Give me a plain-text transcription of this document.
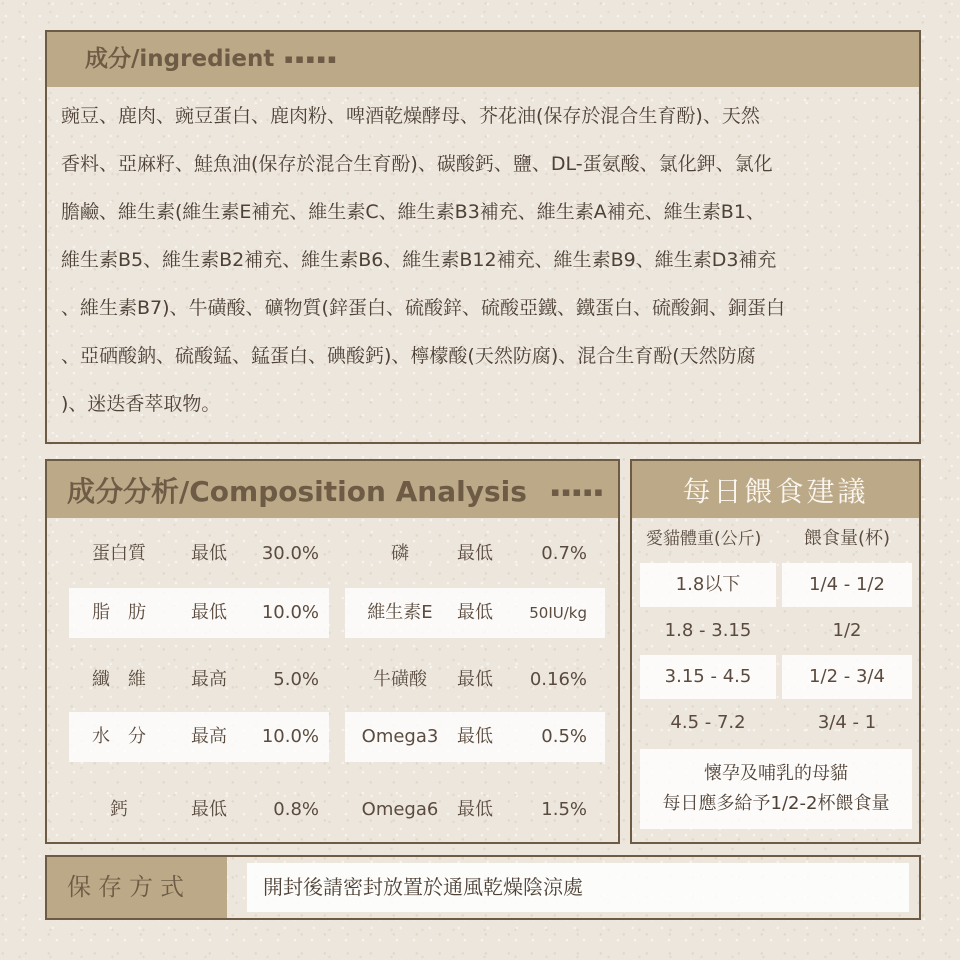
成分/ingredient ▪▪▪▪▪
豌豆、鹿肉、豌豆蛋白、鹿肉粉、啤酒乾燥酵母、芥花油(保存於混合生育酚)、天然
香料、亞麻籽、鮭魚油(保存於混合生育酚)、碳酸鈣、鹽、DL-蛋氨酸、氯化鉀、氯化
膽鹼、維生素(維生素E補充、維生素C、維生素B3補充、維生素A補充、維生素B1、
維生素B5、維生素B2補充、維生素B6、維生素B12補充、維生素B9、維生素D3補充
、維生素B7)、牛磺酸、礦物質(鋅蛋白、硫酸鋅、硫酸亞鐵、鐵蛋白、硫酸銅、銅蛋白
、亞硒酸鈉、硫酸錳、錳蛋白、碘酸鈣)、檸檬酸(天然防腐)、混合生育酚(天然防腐
)、迷迭香萃取物。
成分分析/Composition Analysis ▪▪▪▪▪
蛋白質	最低	30.0%	磷	最低	0.7%
脂　肪	最低	10.0%	維生素E	最低	50IU/kg
纖　維	最高	5.0%	牛磺酸	最低	0.16%
水　分	最高	10.0%	Omega3	最低	0.5%
鈣	最低	0.8%	Omega6	最低	1.5%
每日餵食建議
愛貓體重(公斤) 餵食量(杯)
1.8以下	1/4 - 1/2
1.8 - 3.15	1/2
3.15 - 4.5	1/2 - 3/4
4.5 - 7.2	3/4 - 1
懷孕及哺乳的母貓
每日應多給予1/2-2杯餵食量
保存方式	開封後請密封放置於通風乾燥陰涼處
